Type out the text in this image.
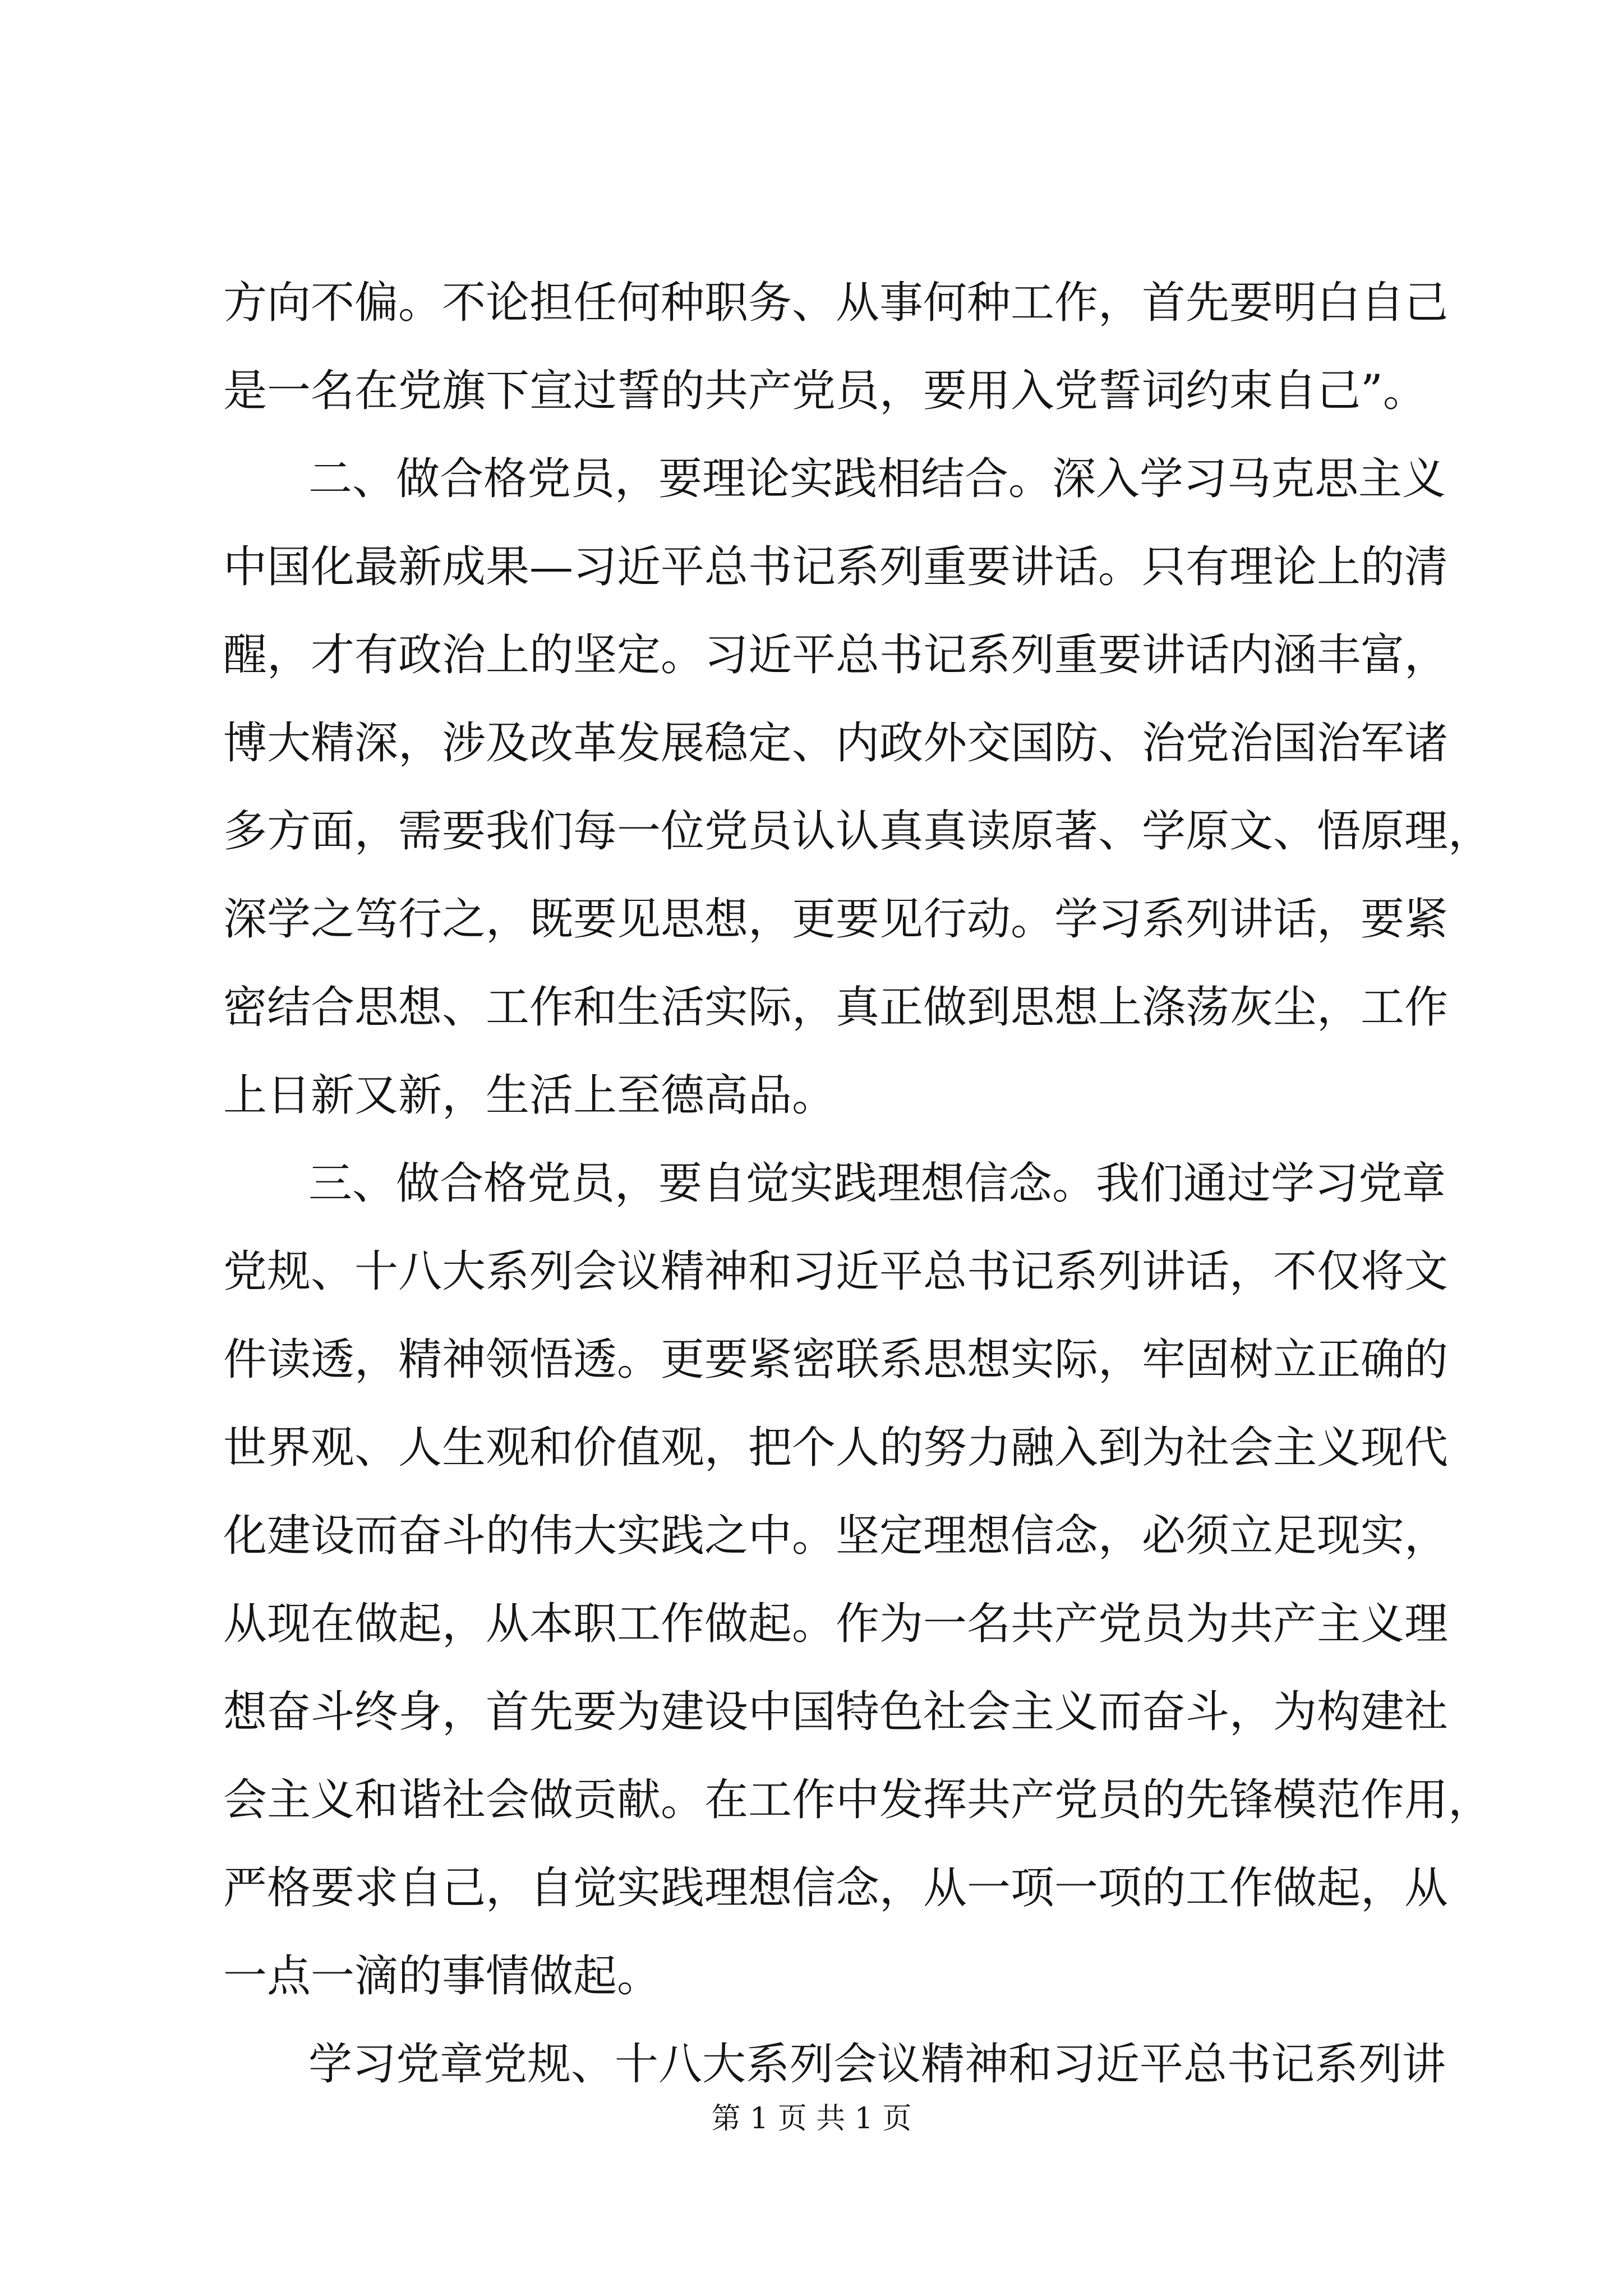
方向不偏。不论担任何种职务、从事何种工作，首先要明白自己
是一名在党旗下宣过誓的共产党员，要用入党誓词约束自己”。
二、做合格党员，要理论实践相结合。深入学习马克思主义
中国化最新成果—习近平总书记系列重要讲话。只有理论上的清
醒，才有政治上的坚定。习近平总书记系列重要讲话内涵丰富，
博大精深，涉及改革发展稳定、内政外交国防、治党治国治军诸
多方面，需要我们每一位党员认认真真读原著、学原文、悟原理，
深学之笃行之，既要见思想，更要见行动。学习系列讲话，要紧
密结合思想、工作和生活实际，真正做到思想上涤荡灰尘，工作
上日新又新，生活上至德高品。
三、做合格党员，要自觉实践理想信念。我们通过学习党章
党规、十八大系列会议精神和习近平总书记系列讲话，不仅将文
件读透，精神领悟透。更要紧密联系思想实际，牢固树立正确的
世界观、人生观和价值观，把个人的努力融入到为社会主义现代
化建设而奋斗的伟大实践之中。坚定理想信念，必须立足现实，
从现在做起，从本职工作做起。作为一名共产党员为共产主义理
想奋斗终身，首先要为建设中国特色社会主义而奋斗，为构建社
会主义和谐社会做贡献。在工作中发挥共产党员的先锋模范作用，
严格要求自己，自觉实践理想信念，从一项一项的工作做起，从
一点一滴的事情做起。
学习党章党规、十八大系列会议精神和习近平总书记系列讲
第 1 页 共 1 页
